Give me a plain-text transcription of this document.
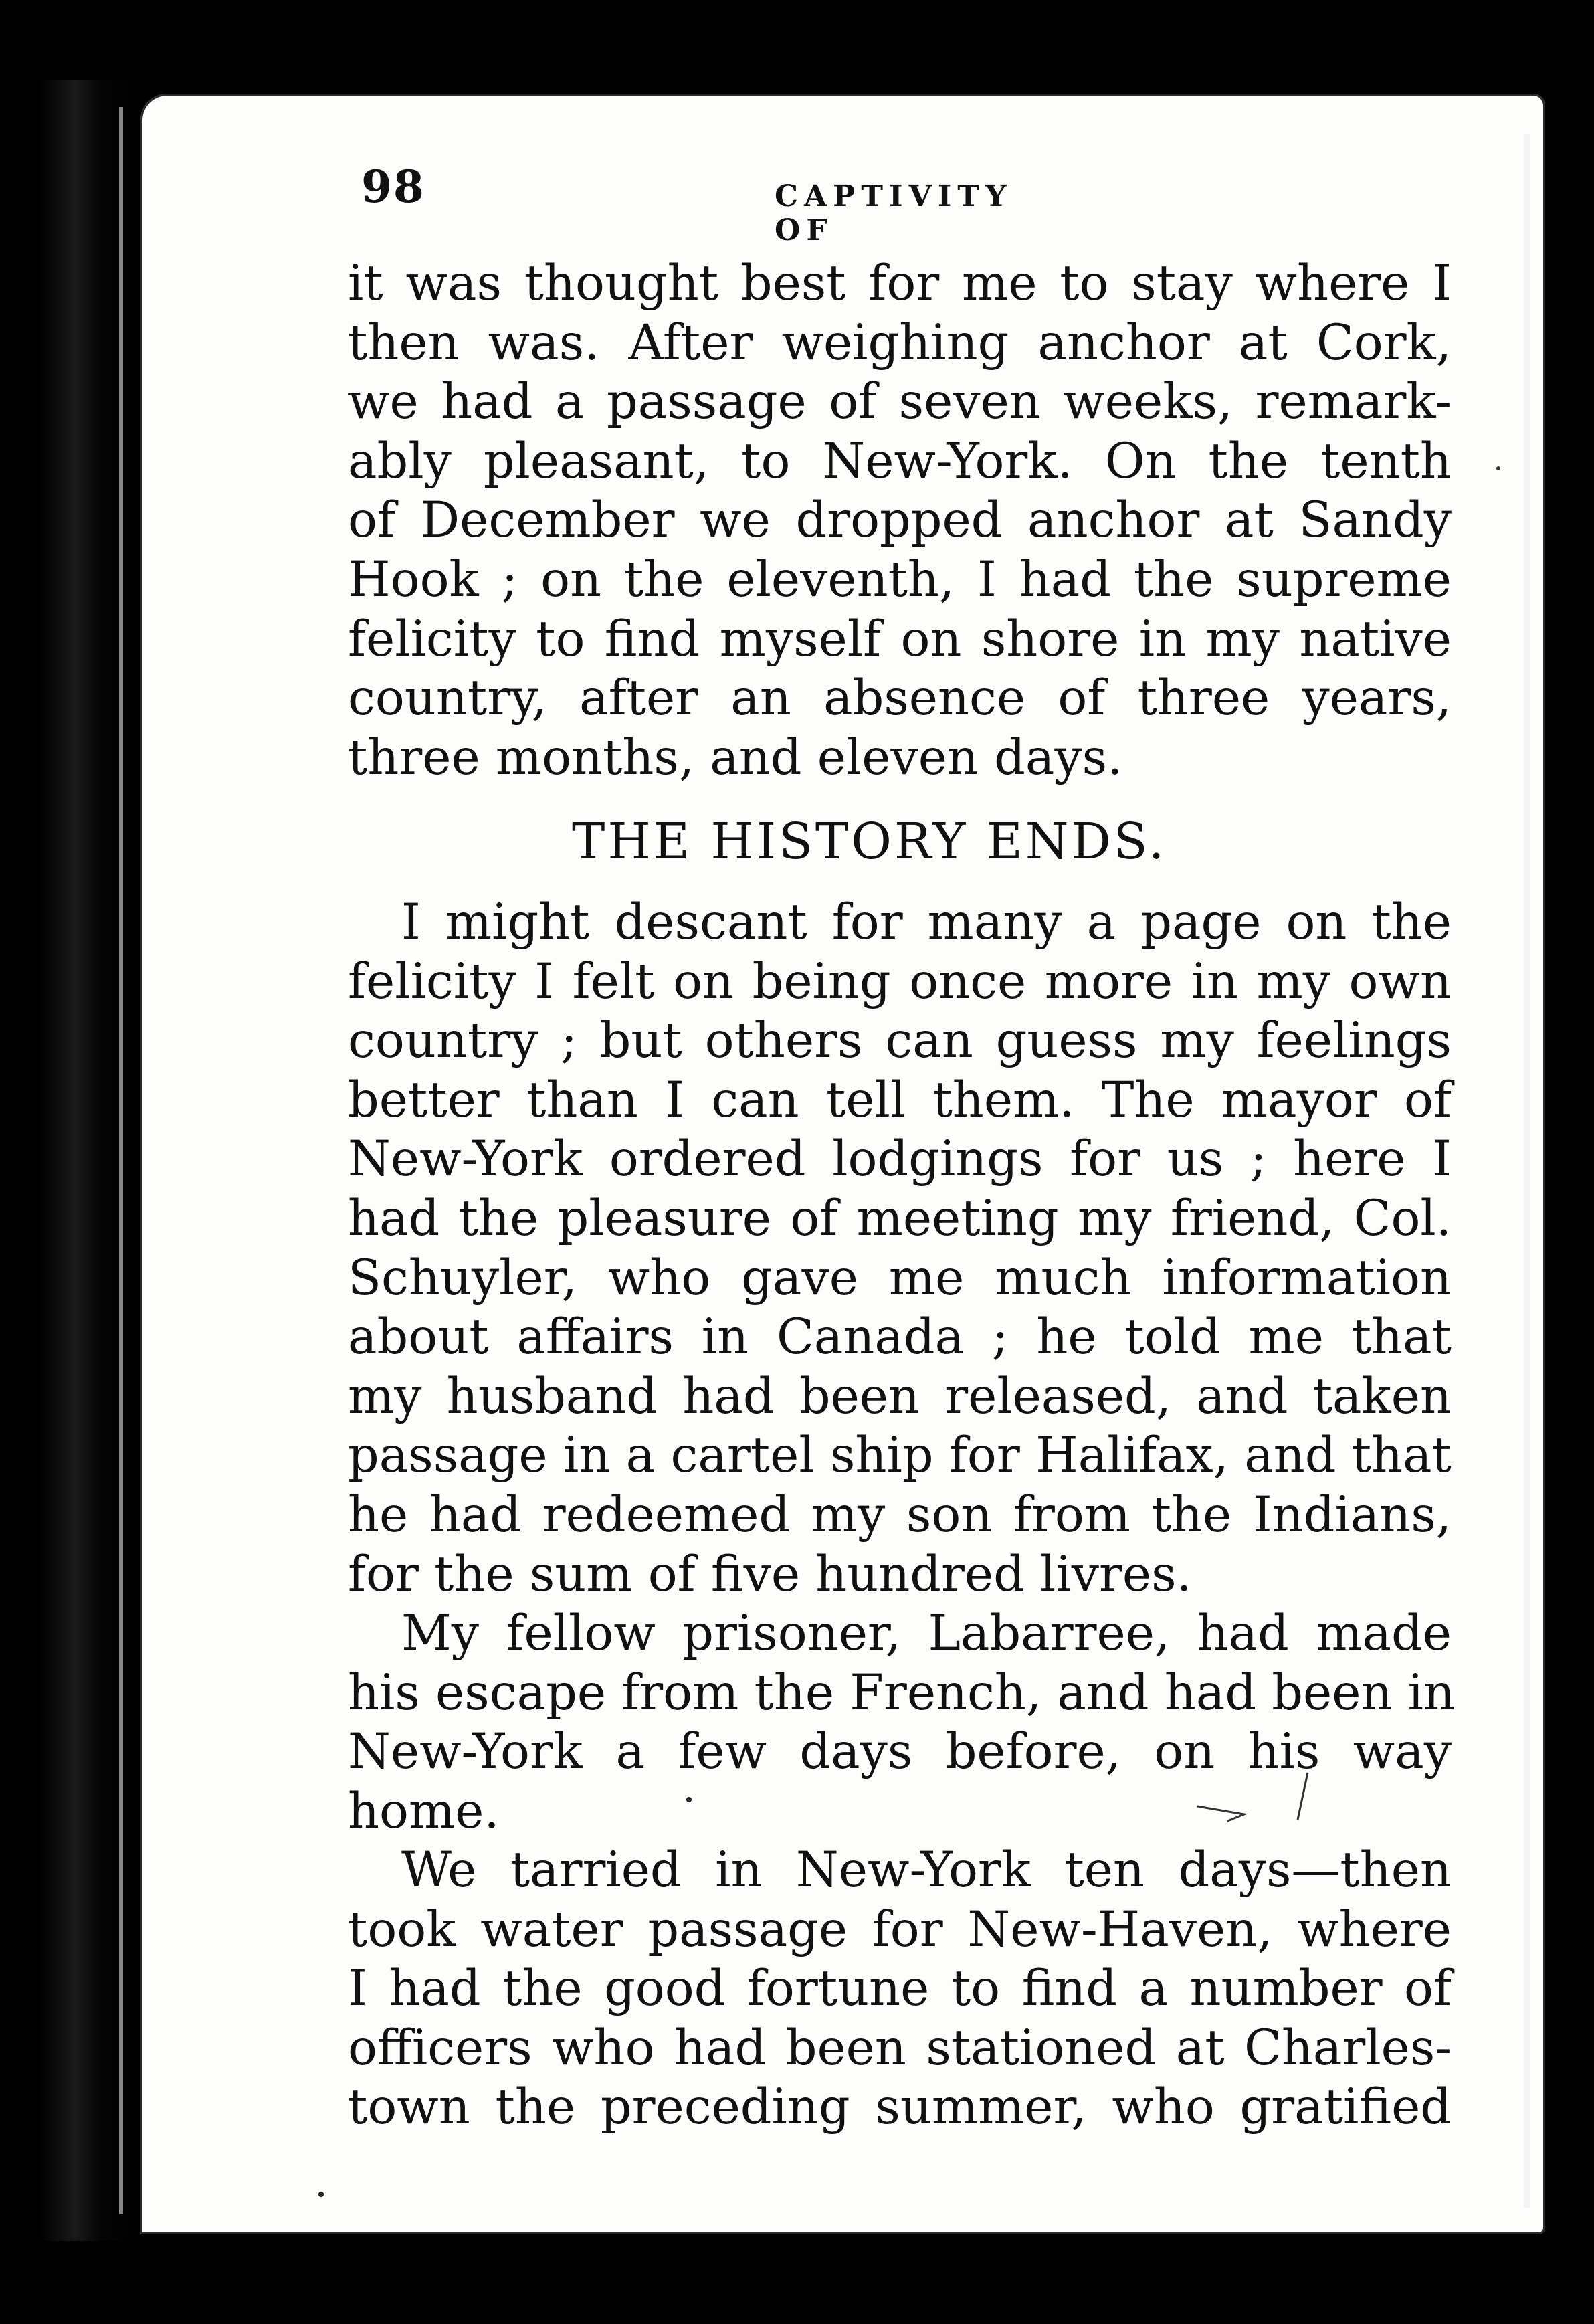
98	CAPTIVITY OF
it was thought best for me to stay where I
then was. After weighing anchor at Cork,
we had a passage of seven weeks, remark-
ably pleasant, to New-York. On the tenth
of December we dropped anchor at Sandy
Hook ; on the eleventh, I had the supreme
felicity to find myself on shore in my native
country, after an absence of three years,
three months, and eleven days.
THE HISTORY ENDS.
I might descant for many a page on the
felicity I felt on being once more in my own
country ; but others can guess my feelings
better than I can tell them. The mayor of
New-York ordered lodgings for us ; here I
had the pleasure of meeting my friend, Col.
Schuyler, who gave me much information
about affairs in Canada ; he told me that
my husband had been released, and taken
passage in a cartel ship for Halifax, and that
he had redeemed my son from the Indians,
for the sum of five hundred livres.
My fellow prisoner, Labarree, had made
his escape from the French, and had been in
New-York a few days before, on his way
home.
We tarried in New-York ten days—then
took water passage for New-Haven, where
I had the good fortune to find a number of
officers who had been stationed at Charles-
town the preceding summer, who gratified
